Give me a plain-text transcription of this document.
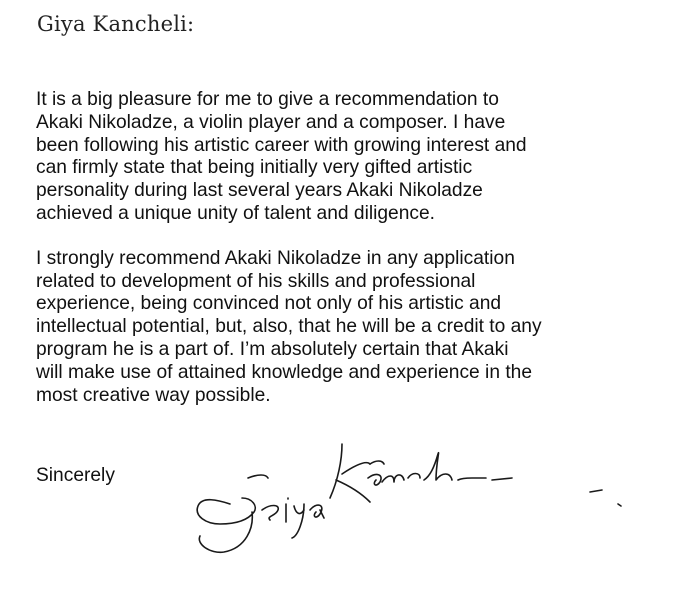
Giya Kancheli:

It is a big pleasure for me to give a recommendation to
Akaki Nikoladze, a violin player and a composer. I have
been following his artistic career with growing interest and
can firmly state that being initially very gifted artistic
personality during last several years Akaki Nikoladze
achieved a unique unity of talent and diligence.

I strongly recommend Akaki Nikoladze in any application
related to development of his skills and professional
experience, being convinced not only of his artistic and
intellectual potential, but, also, that he will be a credit to any
program he is a part of. I’m absolutely certain that Akaki
will make use of attained knowledge and experience in the
most creative way possible.

Sincerely
